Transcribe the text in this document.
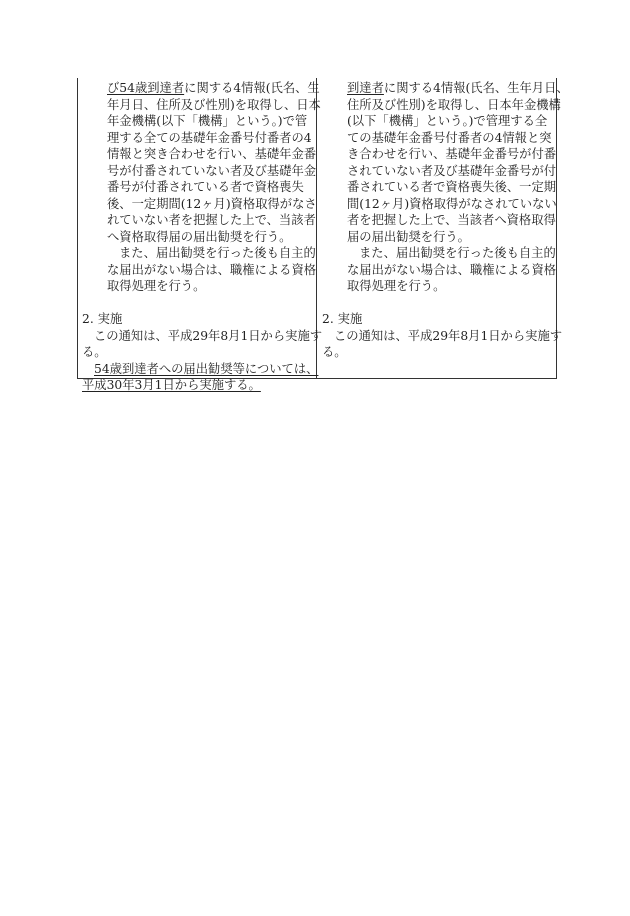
び54歳到達者に関する4情報(氏名、生
年月日、住所及び性別)を取得し、日本
年金機構(以下「機構」という。)で管
理する全ての基礎年金番号付番者の4
情報と突き合わせを行い、基礎年金番
号が付番されていない者及び基礎年金
番号が付番されている者で資格喪失
後、一定期間(12ヶ月)資格取得がなさ
れていない者を把握した上で、当該者
へ資格取得届の届出勧奨を行う。
また、届出勧奨を行った後も自主的
な届出がない場合は、職権による資格
取得処理を行う。
2. 実施
この通知は、平成29年8月1日から実施す
る。
54歳到達者への届出勧奨等については、
平成30年3月1日から実施する。
到達者に関する4情報(氏名、生年月日、
住所及び性別)を取得し、日本年金機構
(以下「機構」という。)で管理する全
ての基礎年金番号付番者の4情報と突
き合わせを行い、基礎年金番号が付番
されていない者及び基礎年金番号が付
番されている者で資格喪失後、一定期
間(12ヶ月)資格取得がなされていない
者を把握した上で、当該者へ資格取得
届の届出勧奨を行う。
また、届出勧奨を行った後も自主的
な届出がない場合は、職権による資格
取得処理を行う。
2. 実施
この通知は、平成29年8月1日から実施す
る。
